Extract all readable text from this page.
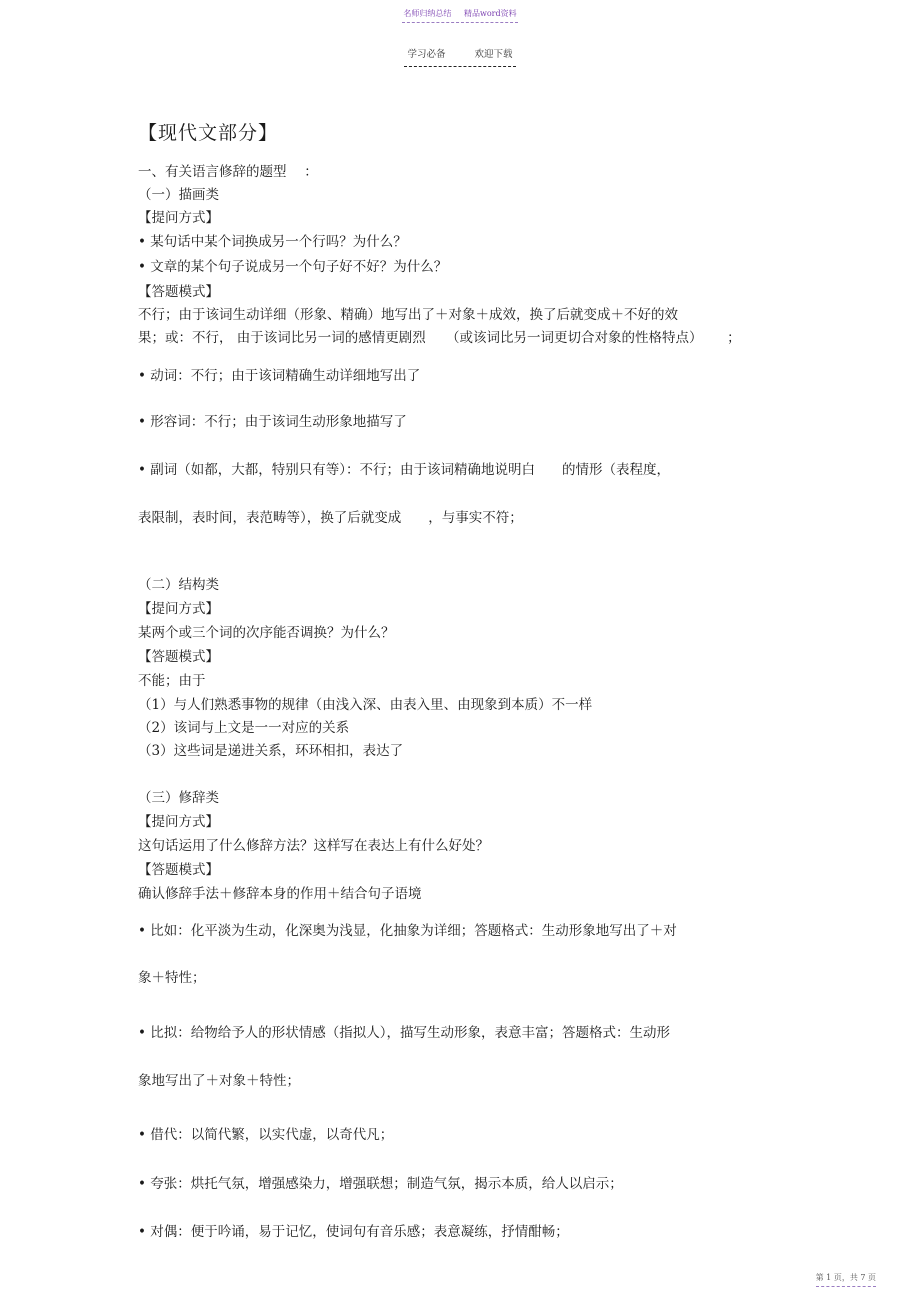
名师归纳总结 精品word资料
学习必备	欢迎下载
【现代文部分】
一、有关语言修辞的题型　 ：
（一）描画类
【提问方式】
• 某句话中某个词换成另一个行吗？为什么？
• 文章的某个句子说成另一个句子好不好？为什么？
【答题模式】
不行；由于该词生动详细（形象、精确）地写出了＋对象＋成效，换了后就变成＋不好的效
果；或：不行， 由于该词比另一词的感情更剧烈　　（或该词比另一词更切合对象的性格特点）　　 ；
• 动词：不行；由于该词精确生动详细地写出了
• 形容词：不行；由于该词生动形象地描写了
• 副词（如都，大都，特别只有等）：不行；由于该词精确地说明白　　的情形（表程度，
表限制，表时间，表范畴等），换了后就变成　　，与事实不符；
（二）结构类
【提问方式】
某两个或三个词的次序能否调换？为什么？
【答题模式】
不能；由于
（1）与人们熟悉事物的规律（由浅入深、由表入里、由现象到本质）不一样
（2）该词与上文是一一对应的关系
（3）这些词是递进关系，环环相扣，表达了
（三）修辞类
【提问方式】
这句话运用了什么修辞方法？这样写在表达上有什么好处？
【答题模式】
确认修辞手法＋修辞本身的作用＋结合句子语境
• 比如：化平淡为生动，化深奥为浅显，化抽象为详细；答题格式：生动形象地写出了＋对
象＋特性；
• 比拟：给物给予人的形状情感（指拟人），描写生动形象，表意丰富；答题格式：生动形
象地写出了＋对象＋特性；
• 借代：以简代繁，以实代虚，以奇代凡；
• 夸张：烘托气氛，增强感染力，增强联想；制造气氛，揭示本质，给人以启示；
• 对偶：便于吟诵，易于记忆，使词句有音乐感；表意凝练，抒情酣畅；
第 1 页，共 7 页
